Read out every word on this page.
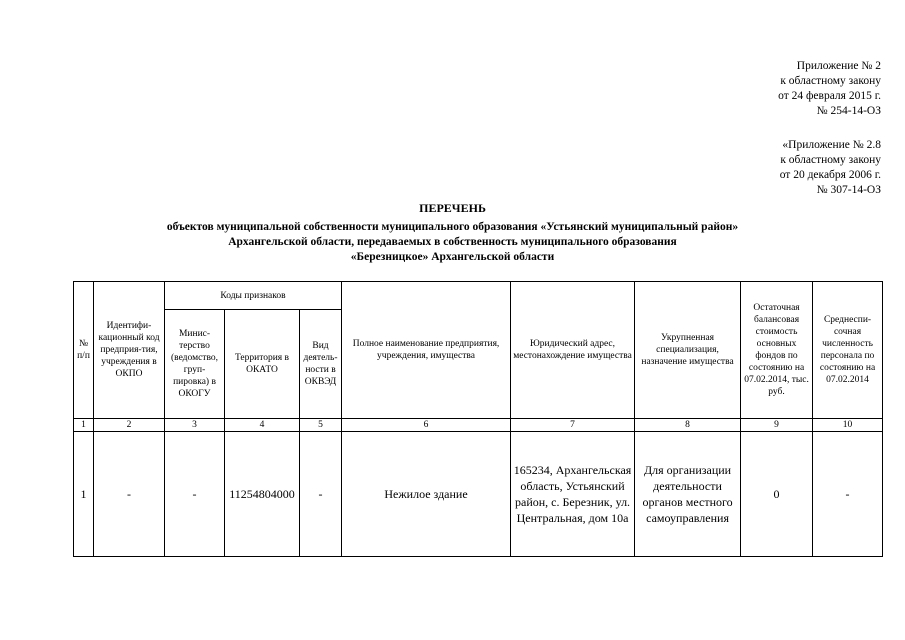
Приложение № 2
к областному закону
от 24 февраля 2015 г.
№ 254-14-ОЗ
«Приложение № 2.8
к областному закону
от 20 декабря 2006 г.
№ 307-14-ОЗ
ПЕРЕЧЕНЬ
объектов муниципальной собственности муниципального образования «Устьянский муниципальный район»
Архангельской области, передаваемых в собственность муниципального образования
«Березницкое» Архангельской области
№ п/п	Идентифи-кационный код предприя-тия, учреждения в ОКПО	Коды признаков			Полное наименование предприятия, учреждения, имущества	Юридический адрес, местонахождение имущества	Укрупненная специализация, назначение имущества	Остаточная балансовая стоимость основных фондов по состоянию на 07.02.2014, тыс. руб.	Среднеспи-сочная численность персонала по состоянию на 07.02.2014
		Минис-терство (ведомство, груп-пировка) в ОКОГУ	Территория в ОКАТО	Вид деятель-ности в ОКВЭД					
1	2	3	4	5	6	7	8	9	10
1	-	-	11254804000	-	Нежилое здание	165234, Архангельская область, Устьянский район, с. Березник, ул. Центральная, дом 10а	Для организации деятельности органов местного самоуправления	0	-
